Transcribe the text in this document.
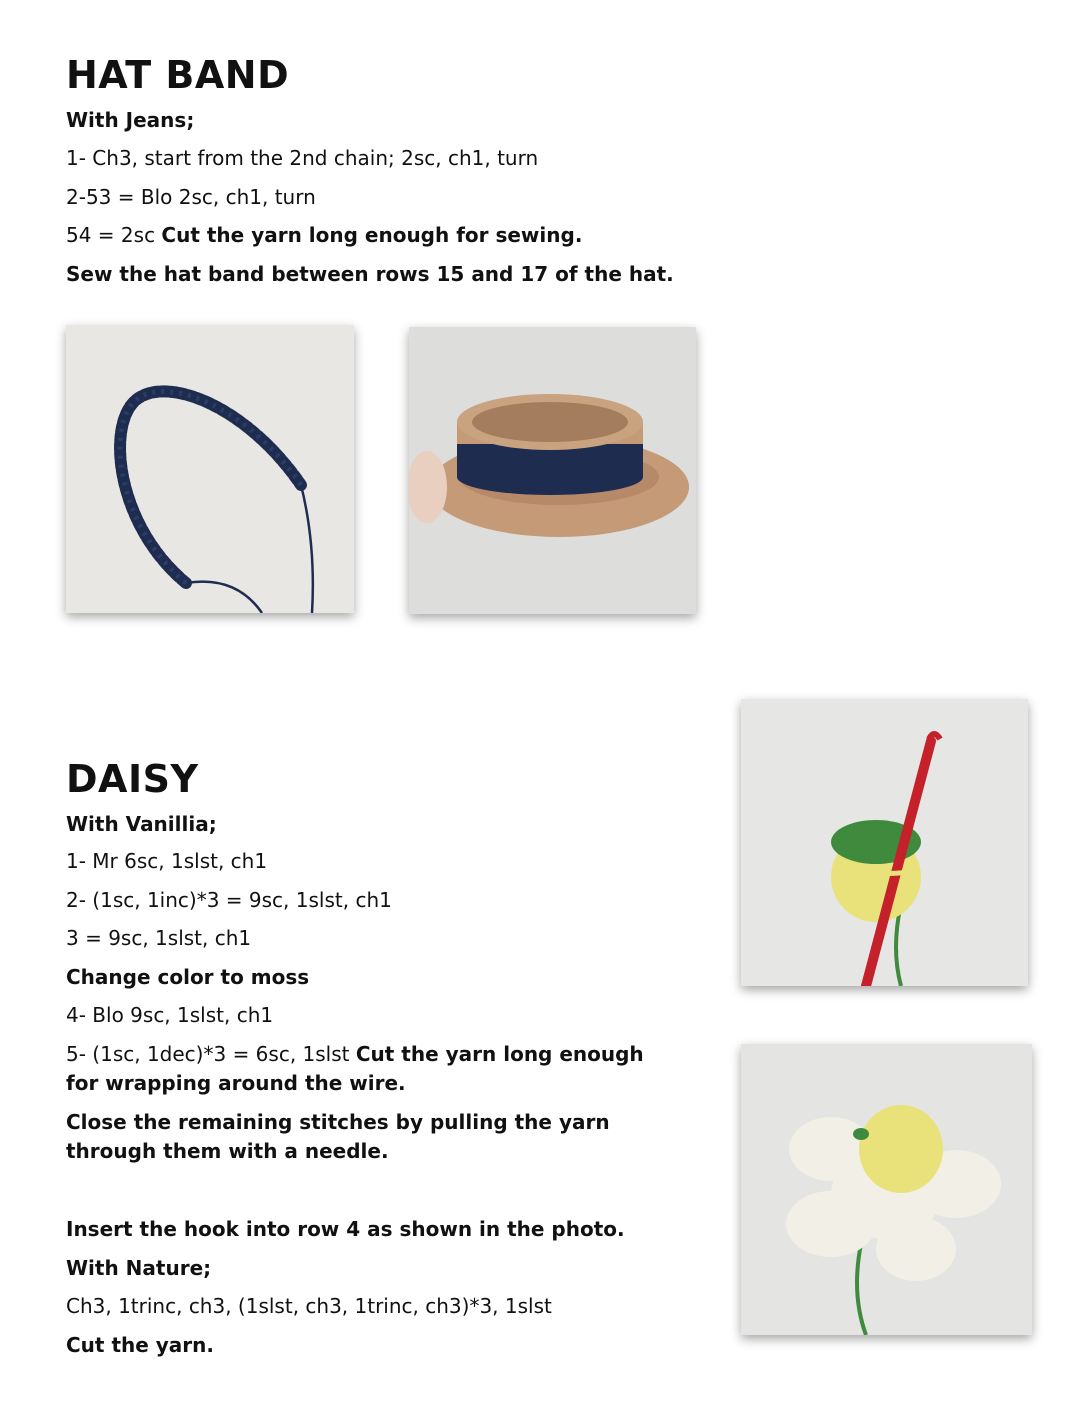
HAT BAND

With Jeans;

1- Ch3, start from the 2nd chain; 2sc, ch1, turn

2-53 = Blo 2sc, ch1, turn

54 = 2sc Cut the yarn long enough for sewing.

Sew the hat band between rows 15 and 17 of the hat.

DAISY

With Vanillia;

1- Mr 6sc, 1slst, ch1

2- (1sc, 1inc)*3 = 9sc, 1slst, ch1

3 = 9sc, 1slst, ch1

Change color to moss

4- Blo 9sc, 1slst, ch1

5- (1sc, 1dec)*3 = 6sc, 1slst Cut the yarn long enough for wrapping around the wire.

Close the remaining stitches by pulling the yarn through them with a needle.

Insert the hook into row 4 as shown in the photo.

With Nature;

Ch3, 1trinc, ch3, (1slst, ch3, 1trinc, ch3)*3, 1slst

Cut the yarn.
